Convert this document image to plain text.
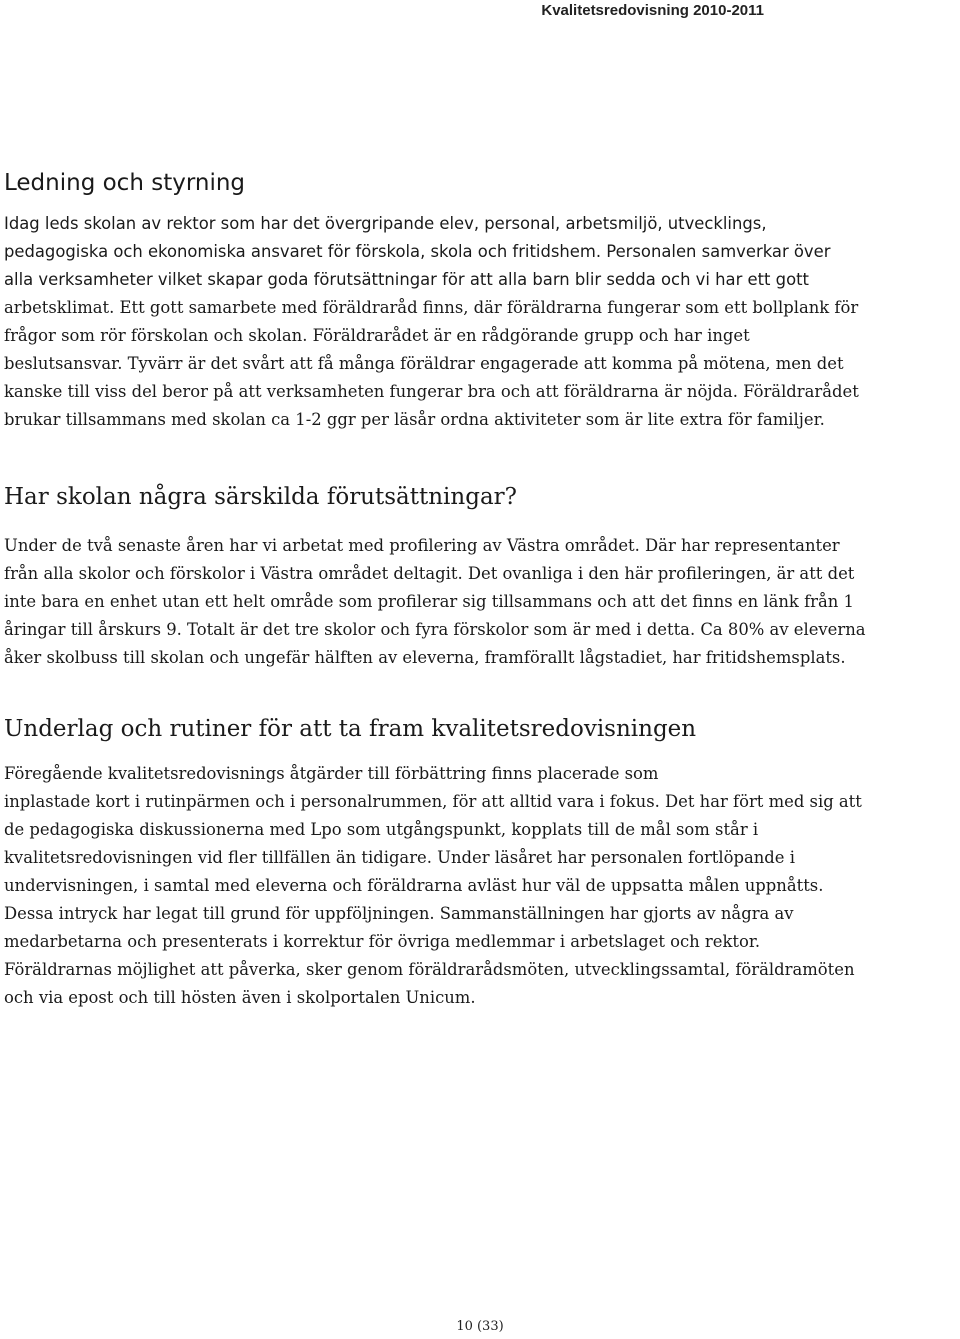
Kvalitetsredovisning 2010-2011
Ledning och styrning
Idag leds skolan av rektor som har det övergripande elev, personal, arbetsmiljö, utvecklings,
pedagogiska och ekonomiska ansvaret för förskola, skola och fritidshem. Personalen samverkar över
alla verksamheter vilket skapar goda förutsättningar för att alla barn blir sedda och vi har ett gott
arbetsklimat. Ett gott samarbete med föräldraråd finns, där föräldrarna fungerar som ett bollplank för
frågor som rör förskolan och skolan. Föräldrarådet är en rådgörande grupp och har inget
beslutsansvar. Tyvärr är det svårt att få många föräldrar engagerade att komma på mötena, men det
kanske till viss del beror på att verksamheten fungerar bra och att föräldrarna är nöjda. Föräldrarådet
brukar tillsammans med skolan ca 1-2 ggr per läsår ordna aktiviteter som är lite extra för familjer.
Har skolan några särskilda förutsättningar?
Under de två senaste åren har vi arbetat med profilering av Västra området. Där har representanter
från alla skolor och förskolor i Västra området deltagit. Det ovanliga i den här profileringen, är att det
inte bara en enhet utan ett helt område som profilerar sig tillsammans och att det finns en länk från 1
åringar till årskurs 9. Totalt är det tre skolor och fyra förskolor som är med i detta. Ca 80% av eleverna
åker skolbuss till skolan och ungefär hälften av eleverna, framförallt lågstadiet, har fritidshemsplats.
Underlag och rutiner för att ta fram kvalitetsredovisningen
Föregående kvalitetsredovisnings åtgärder till förbättring finns placerade som
inplastade kort i rutinpärmen och i personalrummen, för att alltid vara i fokus. Det har fört med sig att
de pedagogiska diskussionerna med Lpo som utgångspunkt, kopplats till de mål som står i
kvalitetsredovisningen vid fler tillfällen än tidigare. Under läsåret har personalen fortlöpande i
undervisningen, i samtal med eleverna och föräldrarna avläst hur väl de uppsatta målen uppnåtts.
Dessa intryck har legat till grund för uppföljningen. Sammanställningen har gjorts av några av
medarbetarna och presenterats i korrektur för övriga medlemmar i arbetslaget och rektor.
Föräldrarnas möjlighet att påverka, sker genom föräldrarådsmöten, utvecklingssamtal, föräldramöten
och via epost och till hösten även i skolportalen Unicum.
10 (33)
